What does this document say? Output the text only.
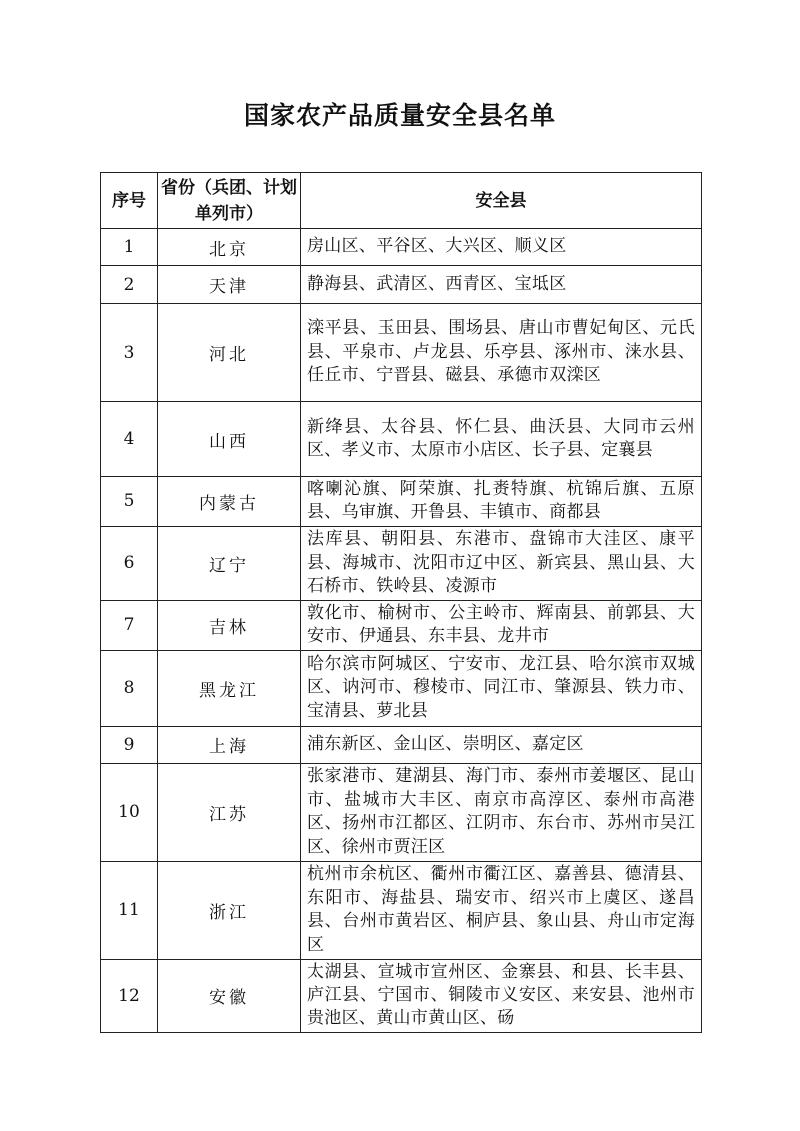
国家农产品质量安全县名单
序号	省份（兵团、计划单列市）	安全县
1	北京	房山区、平谷区、大兴区、顺义区
2	天津	静海县、武清区、西青区、宝坻区
3	河北	滦平县、玉田县、围场县、唐山市曹妃甸区、元氏县、平泉市、卢龙县、乐亭县、涿州市、涞水县、任丘市、宁晋县、磁县、承德市双滦区
4	山西	新绛县、太谷县、怀仁县、曲沃县、大同市云州区、孝义市、太原市小店区、长子县、定襄县
5	内蒙古	喀喇沁旗、阿荣旗、扎赉特旗、杭锦后旗、五原县、乌审旗、开鲁县、丰镇市、商都县
6	辽宁	法库县、朝阳县、东港市、盘锦市大洼区、康平县、海城市、沈阳市辽中区、新宾县、黑山县、大石桥市、铁岭县、凌源市
7	吉林	敦化市、榆树市、公主岭市、辉南县、前郭县、大安市、伊通县、东丰县、龙井市
8	黑龙江	哈尔滨市阿城区、宁安市、龙江县、哈尔滨市双城区、讷河市、穆棱市、同江市、肇源县、铁力市、宝清县、萝北县
9	上海	浦东新区、金山区、崇明区、嘉定区
10	江苏	张家港市、建湖县、海门市、泰州市姜堰区、昆山市、盐城市大丰区、南京市高淳区、泰州市高港区、扬州市江都区、江阴市、东台市、苏州市吴江区、徐州市贾汪区
11	浙江	杭州市余杭区、衢州市衢江区、嘉善县、德清县、东阳市、海盐县、瑞安市、绍兴市上虞区、遂昌县、台州市黄岩区、桐庐县、象山县、舟山市定海区
12	安徽	太湖县、宣城市宣州区、金寨县、和县、长丰县、庐江县、宁国市、铜陵市义安区、来安县、池州市贵池区、黄山市黄山区、砀
